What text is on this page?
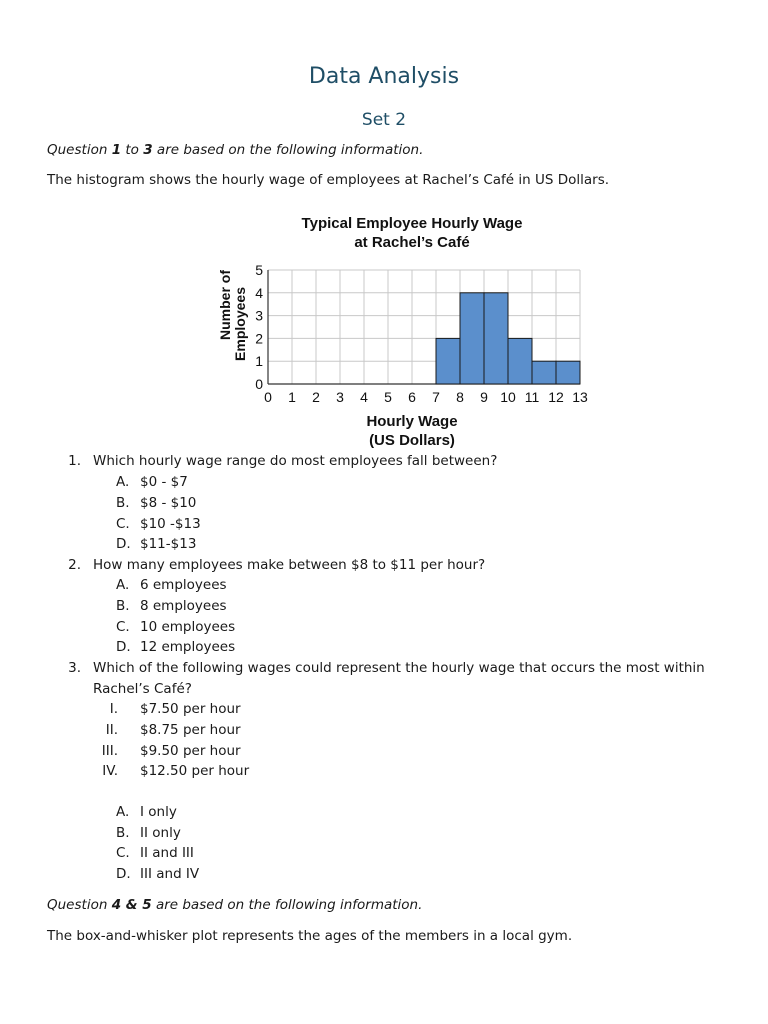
Data Analysis
Set 2
Question 1 to 3 are based on the following information.
The histogram shows the hourly wage of employees at Rachel’s Café in US Dollars.
Typical Employee Hourly Wage
at Rachel’s Café
0
1
2
3
4
5
0 1 2 3 4 5 6 7 8 9 10 11 12 13
Number of Employees
Hourly Wage
(US Dollars)
1. Which hourly wage range do most employees fall between?
A. $0 - $7
B. $8 - $10
C. $10 -$13
D. $11-$13
2. How many employees make between $8 to $11 per hour?
A. 6 employees
B. 8 employees
C. 10 employees
D. 12 employees
3. Which of the following wages could represent the hourly wage that occurs the most within
Rachel’s Café?
I. $7.50 per hour
II. $8.75 per hour
III. $9.50 per hour
IV. $12.50 per hour
A. I only
B. II only
C. II and III
D. III and IV
Question 4 & 5 are based on the following information.
The box-and-whisker plot represents the ages of the members in a local gym.
